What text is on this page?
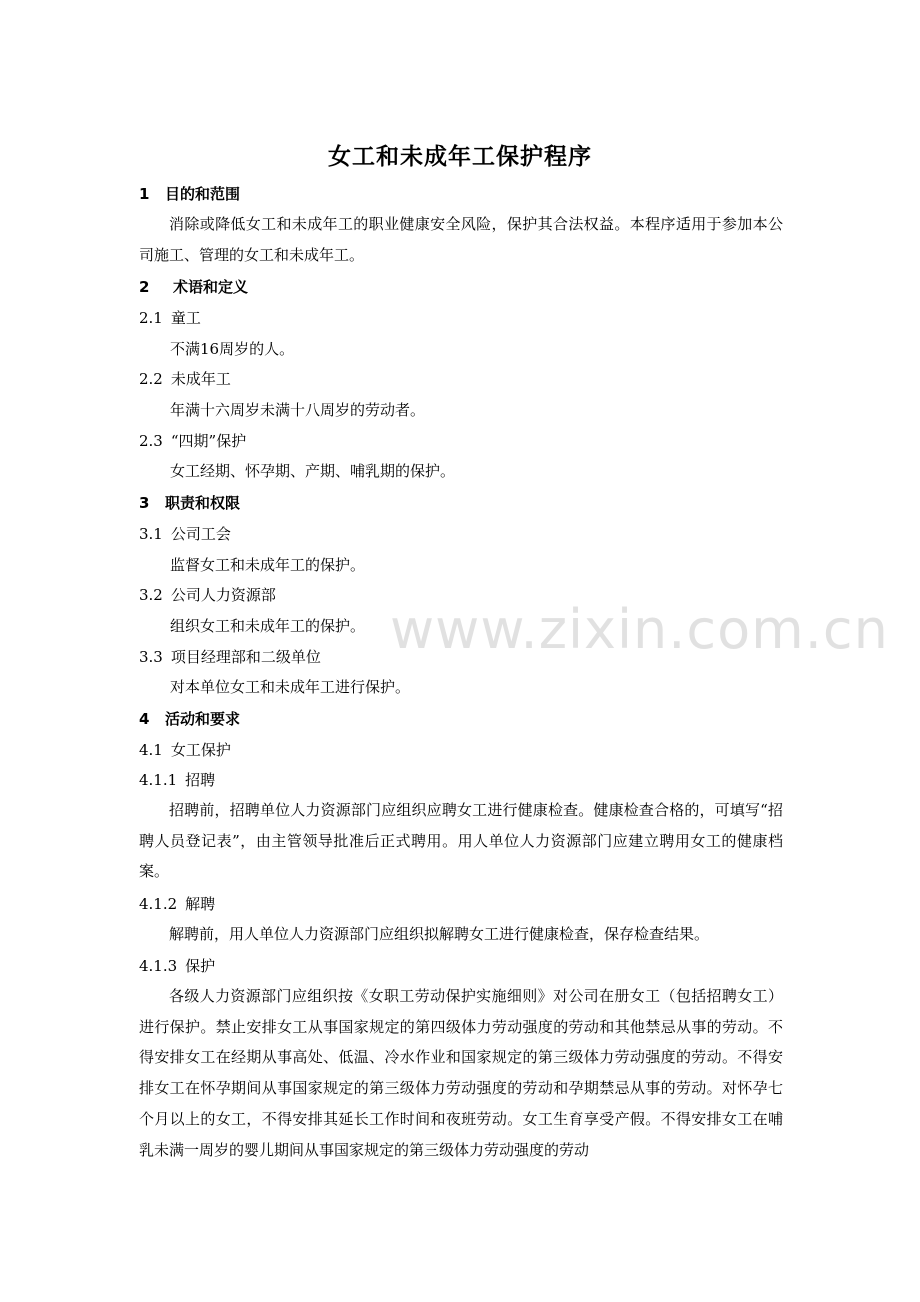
www.zixin.com.cn
女工和未成年工保护程序
1 目的和范围
消除或降低女工和未成年工的职业健康安全风险，保护其合法权益。本程序适用于参加本公司施工、管理的女工和未成年工。
2 术语和定义
2.1 童工
不满16周岁的人。
2.2 未成年工
年满十六周岁未满十八周岁的劳动者。
2.3 “四期”保护
女工经期、怀孕期、产期、哺乳期的保护。
3 职责和权限
3.1 公司工会
监督女工和未成年工的保护。
3.2 公司人力资源部
组织女工和未成年工的保护。
3.3 项目经理部和二级单位
对本单位女工和未成年工进行保护。
4 活动和要求
4.1 女工保护
4.1.1 招聘
招聘前，招聘单位人力资源部门应组织应聘女工进行健康检查。健康检查合格的，可填写“招聘人员登记表”，由主管领导批准后正式聘用。用人单位人力资源部门应建立聘用女工的健康档案。
4.1.2 解聘
解聘前，用人单位人力资源部门应组织拟解聘女工进行健康检查，保存检查结果。
4.1.3 保护
各级人力资源部门应组织按《女职工劳动保护实施细则》对公司在册女工（包括招聘女工）进行保护。禁止安排女工从事国家规定的第四级体力劳动强度的劳动和其他禁忌从事的劳动。不得安排女工在经期从事高处、低温、冷水作业和国家规定的第三级体力劳动强度的劳动。不得安排女工在怀孕期间从事国家规定的第三级体力劳动强度的劳动和孕期禁忌从事的劳动。对怀孕七个月以上的女工，不得安排其延长工作时间和夜班劳动。女工生育享受产假。不得安排女工在哺乳未满一周岁的婴儿期间从事国家规定的第三级体力劳动强度的劳动
